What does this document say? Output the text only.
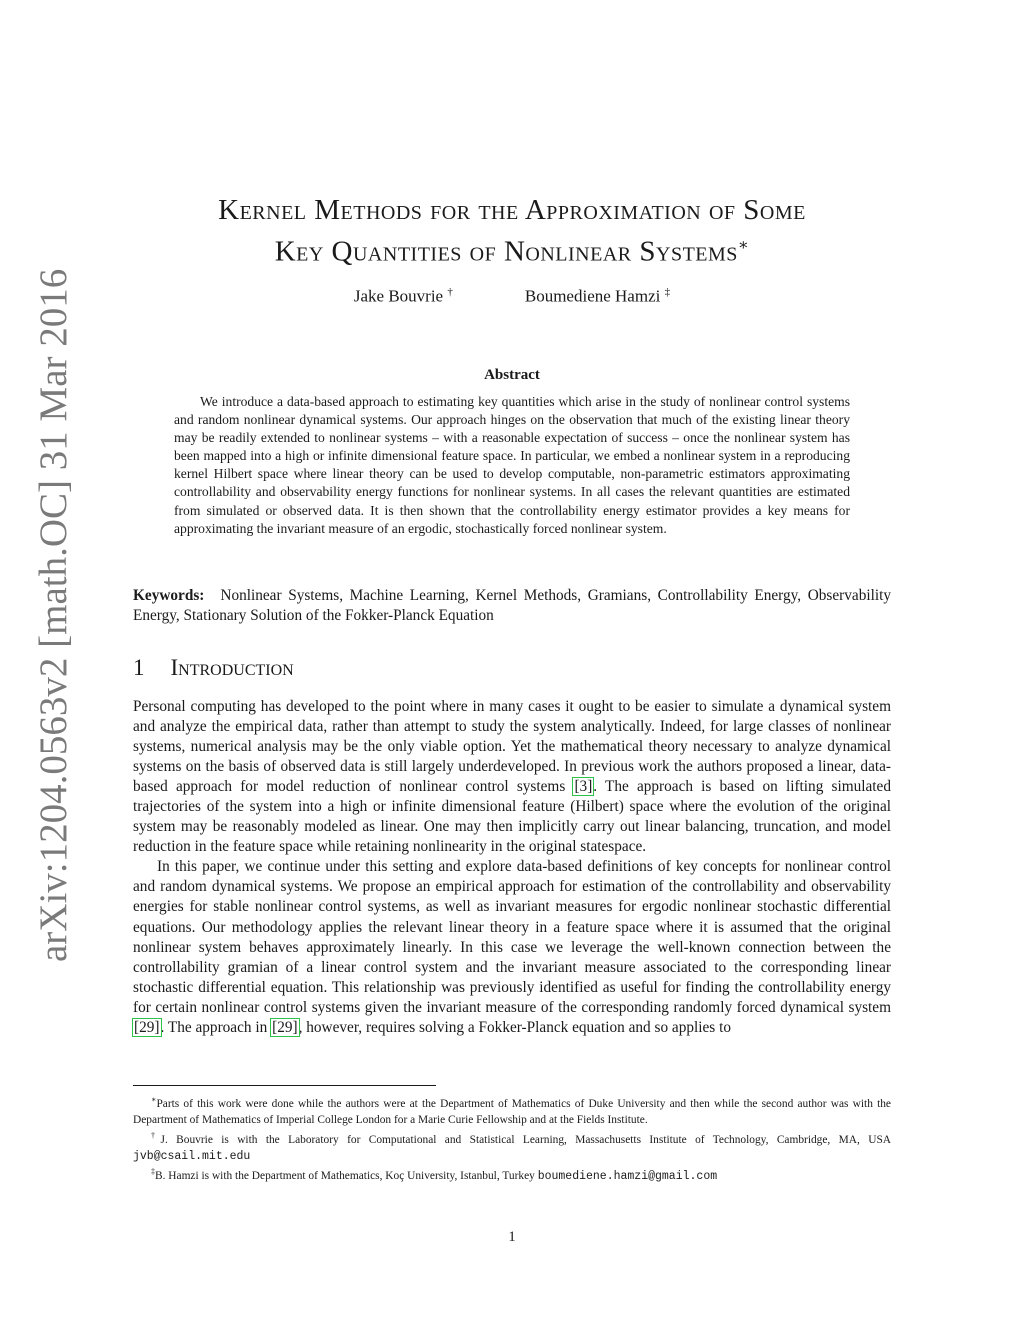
arXiv:1204.0563v2 [math.OC] 31 Mar 2016
Kernel Methods for the Approximation of Some
Key Quantities of Nonlinear Systems∗
Jake Bouvrie †	Boumediene Hamzi ‡
Abstract

We introduce a data-based approach to estimating key quantities which arise in the study of nonlinear control systems and random nonlinear dynamical systems. Our approach hinges on the observation that much of the existing linear theory may be readily extended to nonlinear systems – with a reasonable expectation of success – once the nonlinear system has been mapped into a high or infinite dimensional feature space. In particular, we embed a nonlinear system in a reproducing kernel Hilbert space where linear theory can be used to develop computable, non-parametric estimators approximating controllability and observability energy functions for nonlinear systems. In all cases the relevant quantities are estimated from simulated or observed data. It is then shown that the controllability energy estimator provides a key means for approximating the invariant measure of an ergodic, stochastically forced nonlinear system.

Keywords: Nonlinear Systems, Machine Learning, Kernel Methods, Gramians, Controllability Energy, Observability Energy, Stationary Solution of the Fokker-Planck Equation

1 Introduction

Personal computing has developed to the point where in many cases it ought to be easier to simulate a dynamical system and analyze the empirical data, rather than attempt to study the system analytically. Indeed, for large classes of nonlinear systems, numerical analysis may be the only viable option. Yet the mathematical theory necessary to analyze dynamical systems on the basis of observed data is still largely underdeveloped. In previous work the authors proposed a linear, data-based approach for model reduction of nonlinear control systems [3]. The approach is based on lifting simulated trajectories of the system into a high or infinite dimensional feature (Hilbert) space where the evolution of the original system may be reasonably modeled as linear. One may then implicitly carry out linear balancing, truncation, and model reduction in the feature space while retaining nonlinearity in the original statespace.

In this paper, we continue under this setting and explore data-based definitions of key concepts for nonlinear control and random dynamical systems. We propose an empirical approach for estimation of the controllability and observability energies for stable nonlinear control systems, as well as invariant measures for ergodic nonlinear stochastic differential equations. Our methodology applies the relevant linear theory in a feature space where it is assumed that the original nonlinear system behaves approximately linearly. In this case we leverage the well-known connection between the controllability gramian of a linear control system and the invariant measure associated to the corresponding linear stochastic differential equation. This relationship was previously identified as useful for finding the controllability energy for certain nonlinear control systems given the invariant measure of the corresponding randomly forced dynamical system [29]. The approach in [29], however, requires solving a Fokker-Planck equation and so applies to

∗Parts of this work were done while the authors were at the Department of Mathematics of Duke University and then while the second author was with the Department of Mathematics of Imperial College London for a Marie Curie Fellowship and at the Fields Institute.

†J. Bouvrie is with the Laboratory for Computational and Statistical Learning, Massachusetts Institute of Technology, Cambridge, MA, USA jvb@csail.mit.edu

‡B. Hamzi is with the Department of Mathematics, Koç University, Istanbul, Turkey boumediene.hamzi@gmail.com

1
